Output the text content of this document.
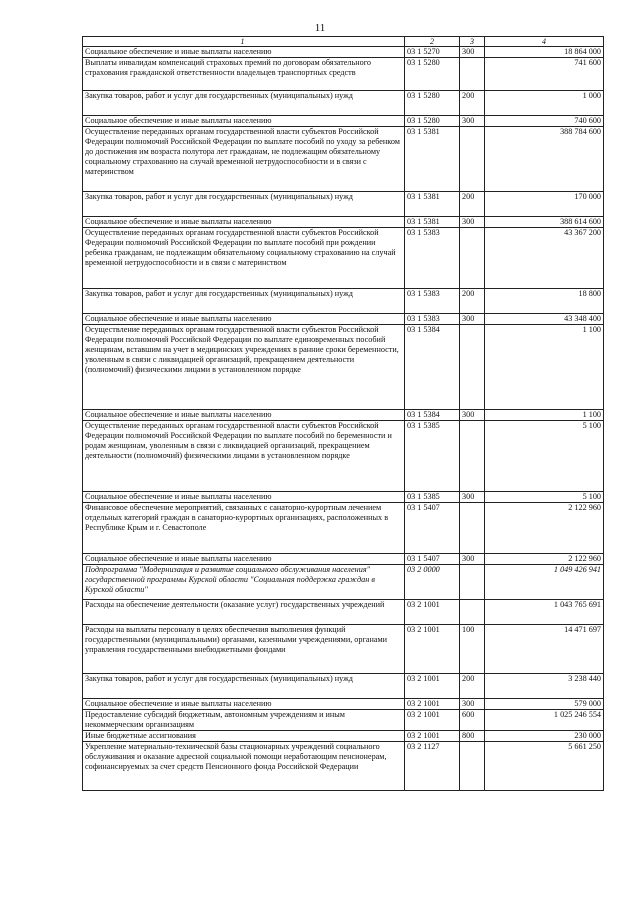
11
1	2	3	4
Социальное обеспечение и иные выплаты населению	03 1 5270	300	18 864 000
Выплаты инвалидам компенсаций страховых премий по договорам обязательного страхования гражданской ответственности владельцев транспортных средств	03 1 5280		741 600
Закупка товаров, работ и услуг для государственных (муниципальных) нужд	03 1 5280	200	1 000
Социальное обеспечение и иные выплаты населению	03 1 5280	300	740 600
Осуществление переданных органам государственной власти субъектов Российской Федерации полномочий Российской Федерации по выплате пособий по уходу за ребенком до достижения им возраста полутора лет гражданам, не подлежащим обязательному социальному страхованию на случай временной нетрудоспособности и в связи с материнством	03 1 5381		388 784 600
Закупка товаров, работ и услуг для государственных (муниципальных) нужд	03 1 5381	200	170 000
Социальное обеспечение и иные выплаты населению	03 1 5381	300	388 614 600
Осуществление переданных органам государственной власти субъектов Российской Федерации полномочий Российской Федерации по выплате пособий при рождении ребенка гражданам, не подлежащим обязательному социальному страхованию на случай временной нетрудоспособности и в связи с материнством	03 1 5383		43 367 200
Закупка товаров, работ и услуг для государственных (муниципальных) нужд	03 1 5383	200	18 800
Социальное обеспечение и иные выплаты населению	03 1 5383	300	43 348 400
Осуществление переданных органам государственной власти субъектов Российской Федерации полномочий Российской Федерации по выплате единовременных пособий женщинам, вставшим на учет в медицинских учреждениях в ранние сроки беременности, уволенным в связи с ликвидацией организаций, прекращением деятельности (полномочий) физическими лицами в установленном порядке	03 1 5384		1 100
Социальное обеспечение и иные выплаты населению	03 1 5384	300	1 100
Осуществление переданных органам государственной власти субъектов Российской Федерации полномочий Российской Федерации по выплате пособий по беременности и родам женщинам, уволенным в связи с ликвидацией организаций, прекращением деятельности (полномочий) физическими лицами в установленном порядке	03 1 5385		5 100
Социальное обеспечение и иные выплаты населению	03 1 5385	300	5 100
Финансовое обеспечение мероприятий, связанных с санаторно-курортным лечением отдельных категорий граждан в санаторно-курортных организациях, расположенных в Республике Крым и г. Севастополе	03 1 5407		2 122 960
Социальное обеспечение и иные выплаты населению	03 1 5407	300	2 122 960
Подпрограмма "Модернизация и развитие социального обслуживания населения" государственной программы Курской области "Социальная поддержка граждан в Курской области"	03 2 0000		1 049 426 941
Расходы на обеспечение деятельности (оказание услуг) государственных учреждений	03 2 1001		1 043 765 691
Расходы на выплаты персоналу в целях обеспечения выполнения функций государственными (муниципальными) органами, казенными учреждениями, органами управления государственными внебюджетными фондами	03 2 1001	100	14 471 697
Закупка товаров, работ и услуг для государственных (муниципальных) нужд	03 2 1001	200	3 238 440
Социальное обеспечение и иные выплаты населению	03 2 1001	300	579 000
Предоставление субсидий бюджетным, автономным учреждениям и иным некоммерческим организациям	03 2 1001	600	1 025 246 554
Иные бюджетные ассигнования	03 2 1001	800	230 000
Укрепление материально-технической базы стационарных учреждений социального обслуживания и оказание адресной социальной помощи неработающим пенсионерам, софинансируемых за счет средств Пенсионного фонда Российской Федерации	03 2 1127		5 661 250
